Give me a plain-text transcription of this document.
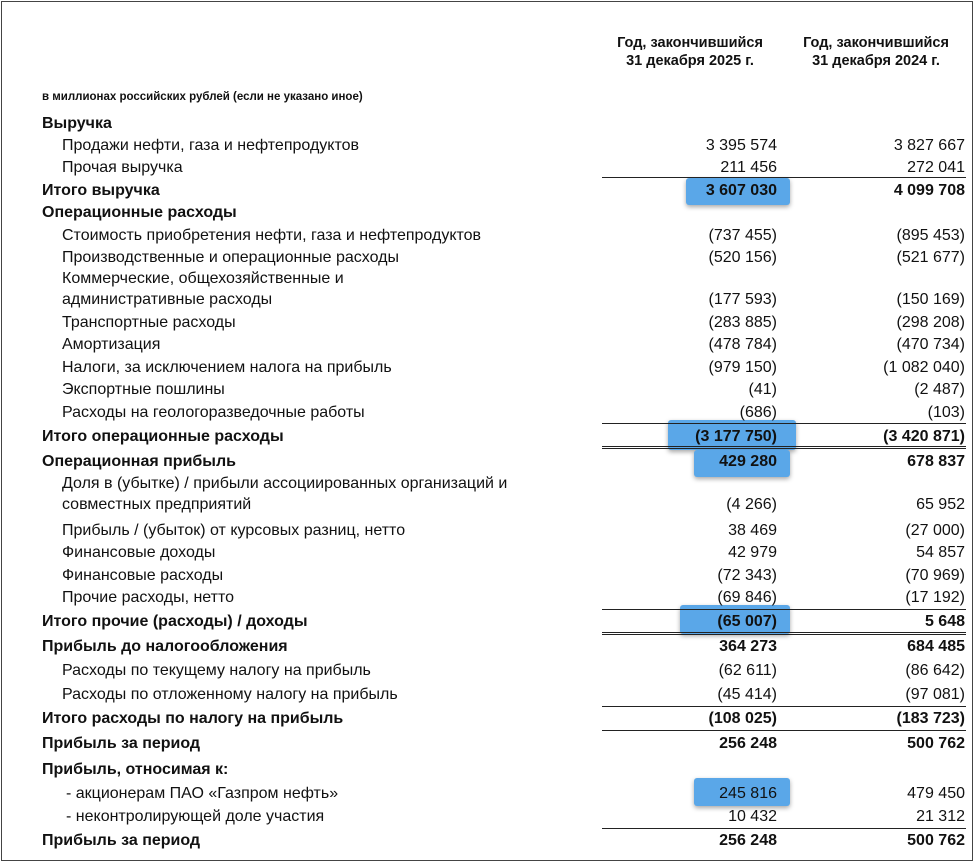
Год, закончившийся
31 декабря 2025 г.
Год, закончившийся
31 декабря 2024 г.
в миллионах российских рублей (если не указано иное)
Выручка
Продажи нефти, газа и нефтепродуктов	3 395 574	3 827 667
Прочая выручка	211 456	272 041
Итого выручка	3 607 030	4 099 708
Операционные расходы
Стоимость приобретения нефти, газа и нефтепродуктов	(737 455)	(895 453)
Производственные и операционные расходы	(520 156)	(521 677)
Коммерческие, общехозяйственные и
административные расходы	(177 593)	(150 169)
Транспортные расходы	(283 885)	(298 208)
Амортизация	(478 784)	(470 734)
Налоги, за исключением налога на прибыль	(979 150)	(1 082 040)
Экспортные пошлины	(41)	(2 487)
Расходы на геологоразведочные работы	(686)	(103)
Итого операционные расходы	(3 177 750)	(3 420 871)
Операционная прибыль	429 280	678 837
Доля в (убытке) / прибыли ассоциированных организаций и
совместных предприятий	(4 266)	65 952
Прибыль / (убыток) от курсовых разниц, нетто	38 469	(27 000)
Финансовые доходы	42 979	54 857
Финансовые расходы	(72 343)	(70 969)
Прочие расходы, нетто	(69 846)	(17 192)
Итого прочие (расходы) / доходы	(65 007)	5 648
Прибыль до налогообложения	364 273	684 485
Расходы по текущему налогу на прибыль	(62 611)	(86 642)
Расходы по отложенному налогу на прибыль	(45 414)	(97 081)
Итого расходы по налогу на прибыль	(108 025)	(183 723)
Прибыль за период	256 248	500 762
Прибыль, относимая к:
- акционерам ПАО «Газпром нефть»	245 816	479 450
- неконтролирующей доле участия	10 432	21 312
Прибыль за период	256 248	500 762
